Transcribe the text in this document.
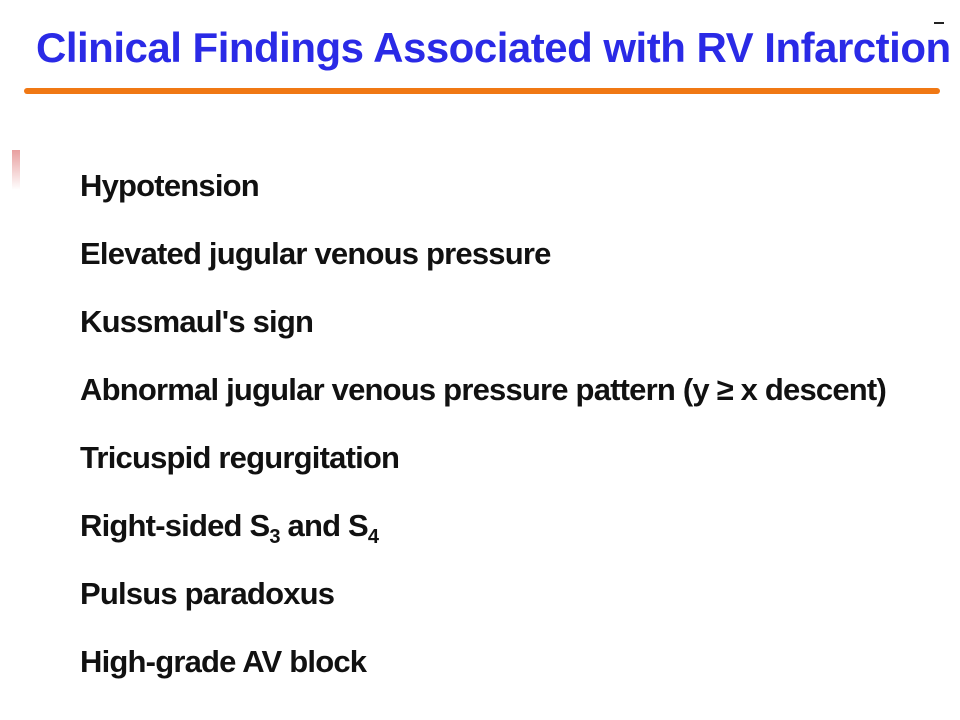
Clinical Findings Associated with RV Infarction
Hypotension
Elevated jugular venous pressure
Kussmaul's sign
Abnormal jugular venous pressure pattern (y ≥ x descent)
Tricuspid regurgitation
Right-sided $S_3$ and $S_4$
Pulsus paradoxus
High-grade AV block
